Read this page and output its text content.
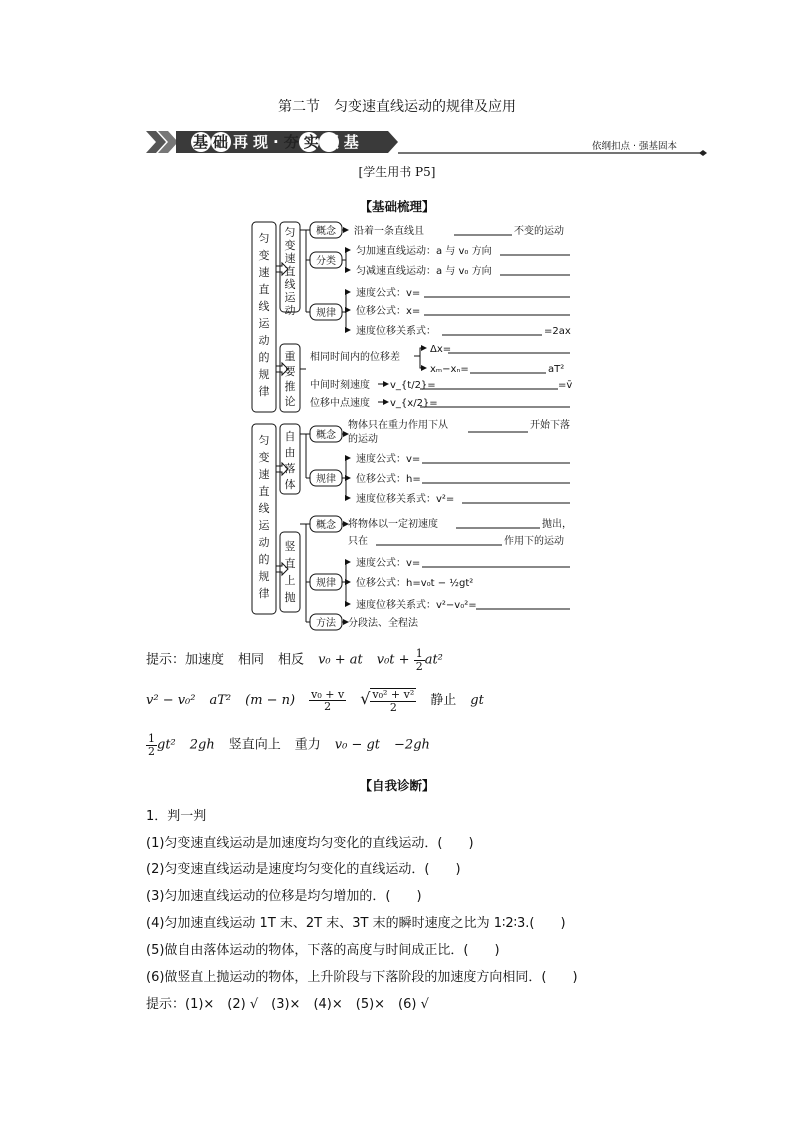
第二节　匀变速直线运动的规律及应用
基础再现·夯实双基	依纲扣点 · 强基固本
[学生用书 P5]
【基础梳理】
匀变速直线运动的规律
匀变速直线运动
重要推论
匀变速直线运动的规律
自由落体
竖直上抛
概念
分类
规律
概念
规律
概念
规律
方法
沿着一条直线且	不变的运动
匀加速直线运动：a 与 v₀ 方向
匀减速直线运动：a 与 v₀ 方向
速度公式：v=
位移公式：x=
速度位移关系式：	=2ax
相同时间内的位移差
Δx=
xₘ−xₙ=	aT²
中间时刻速度 v_{t/2}=	=v̄
位移中点速度 v_{x/2}=
物体只在重力作用下从	开始下落
的运动
速度公式：v=
位移公式：h=
速度位移关系式：v²=
将物体以一定初速度	抛出，
只在	作用下的运动
速度公式：v=
位移公式：h=v₀t − ½gt²
速度位移关系式：v²−v₀²=
分段法、全程法
提示：加速度 相同 相反 v₀ + at $v_0t + \frac{1}{2} at^2$
v² − v₀² aT² $(m - n) \frac{\text{v₀ + v}}{2}$ √ $\frac{\text{v₀² + v²}}{2}$ 静止 gt
$\frac{1}{2} gt^2$ 2gh 竖直向上 重力 v₀ − gt −2gh
【自我诊断】
1．判一判
(1)匀变速直线运动是加速度均匀变化的直线运动．(　　)
(2)匀变速直线运动是速度均匀变化的直线运动．(　　)
(3)匀加速直线运动的位移是均匀增加的．(　　)
(4)匀加速直线运动 1T 末、2T 末、3T 末的瞬时速度之比为 1∶2∶3.(　　)
(5)做自由落体运动的物体，下落的高度与时间成正比．(　　)
(6)做竖直上抛运动的物体，上升阶段与下落阶段的加速度方向相同．(　　)
提示：(1)×　(2) √　(3)×　(4)×　(5)×　(6) √
